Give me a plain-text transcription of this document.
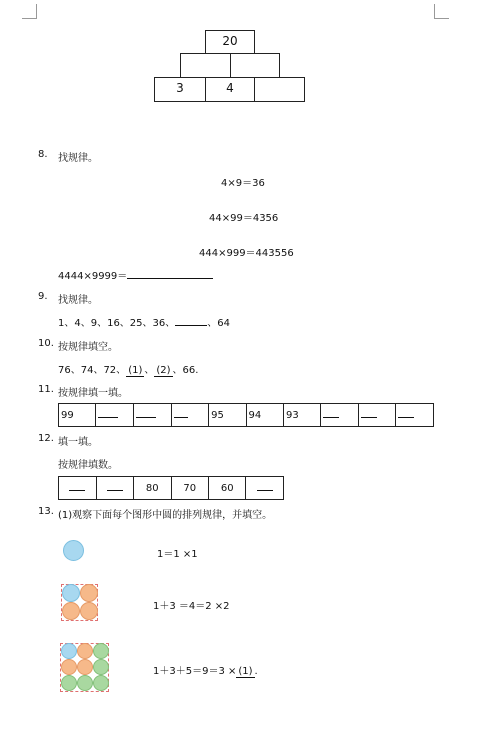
20
3	4
8. 找规律。
4×9＝36
44×99＝4356
444×999＝443556
4444×9999＝
9. 找规律。
1、4、9、16、25、36、	、64
10. 按规律填空。
76、74、72、 (1) 、 (2) 、66.
11. 按规律填一填。
99				95	94	93			
12. 填一填。
按规律填数。
		80	70	60	
13. (1)观察下面每个图形中圆的排列规律，并填空。
1＝1 ×1
1＋3 ＝4＝2 ×2
1＋3＋5＝9＝3 × (1) .
